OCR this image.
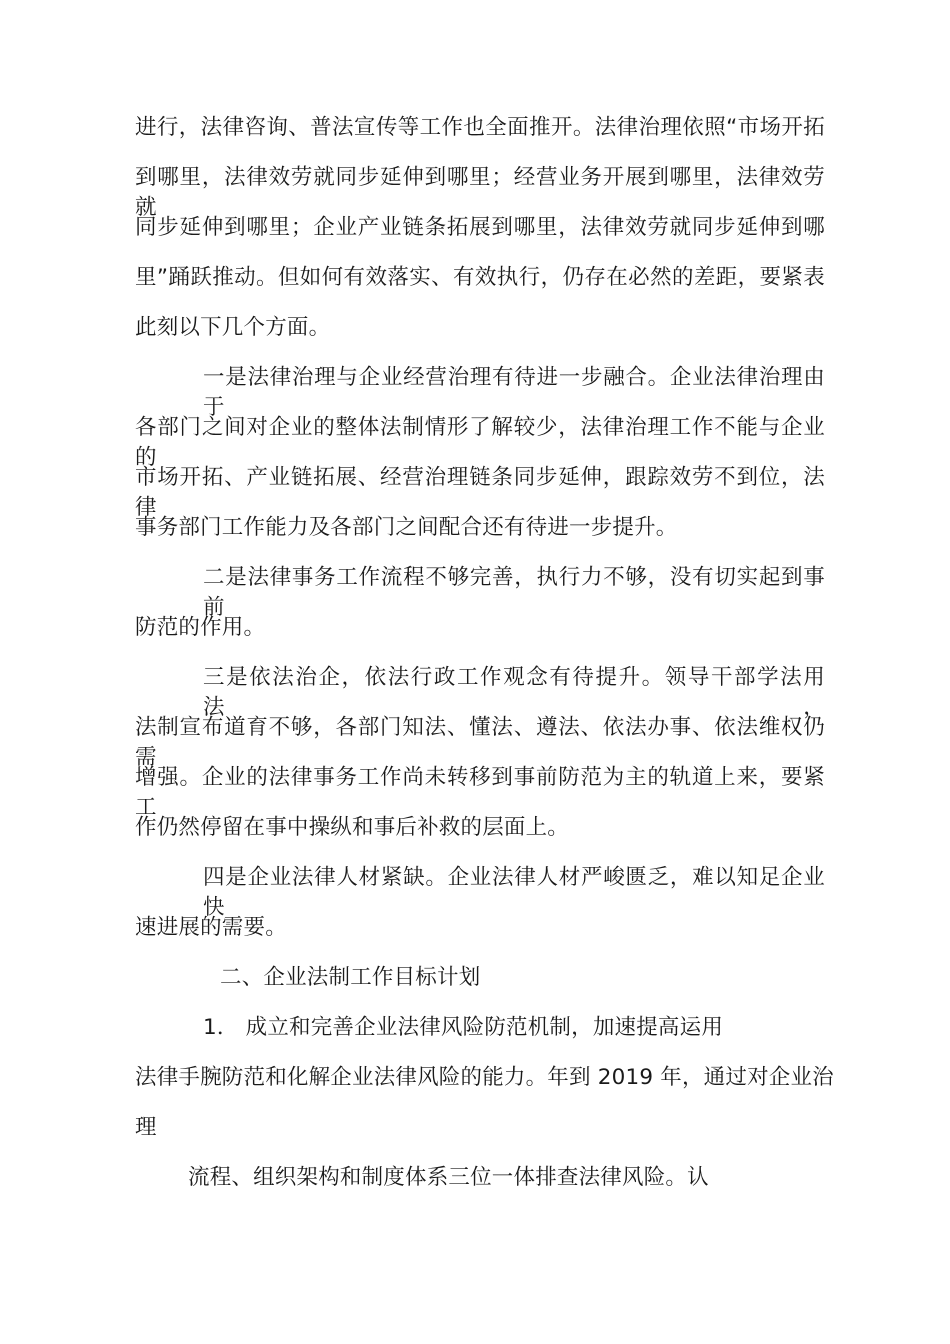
进行，法律咨询、普法宣传等工作也全面推开。法律治理依照“市场开拓
到哪里，法律效劳就同步延伸到哪里；经营业务开展到哪里，法律效劳就
同步延伸到哪里；企业产业链条拓展到哪里，法律效劳就同步延伸到哪
里”踊跃推动。但如何有效落实、有效执行，仍存在必然的差距，要紧表
此刻以下几个方面。
一是法律治理与企业经营治理有待进一步融合。企业法律治理由于
各部门之间对企业的整体法制情形了解较少，法律治理工作不能与企业的
市场开拓、产业链拓展、经营治理链条同步延伸，跟踪效劳不到位，法律
事务部门工作能力及各部门之间配合还有待进一步提升。
二是法律事务工作流程不够完善，执行力不够，没有切实起到事前
防范的作用。
三是依法治企，依法行政工作观念有待提升。领导干部学法用法，
法制宣布道育不够，各部门知法、懂法、遵法、依法办事、依法维权仍需
增强。企业的法律事务工作尚未转移到事前防范为主的轨道上来，要紧工
作仍然停留在事中操纵和事后补救的层面上。
四是企业法律人材紧缺。企业法律人材严峻匮乏，难以知足企业快
速进展的需要。
二、企业法制工作目标计划
1． 成立和完善企业法律风险防范机制，加速提高运用
法律手腕防范和化解企业法律风险的能力。年到 2019 年，通过对企业治
理
流程、组织架构和制度体系三位一体排查法律风险。认
